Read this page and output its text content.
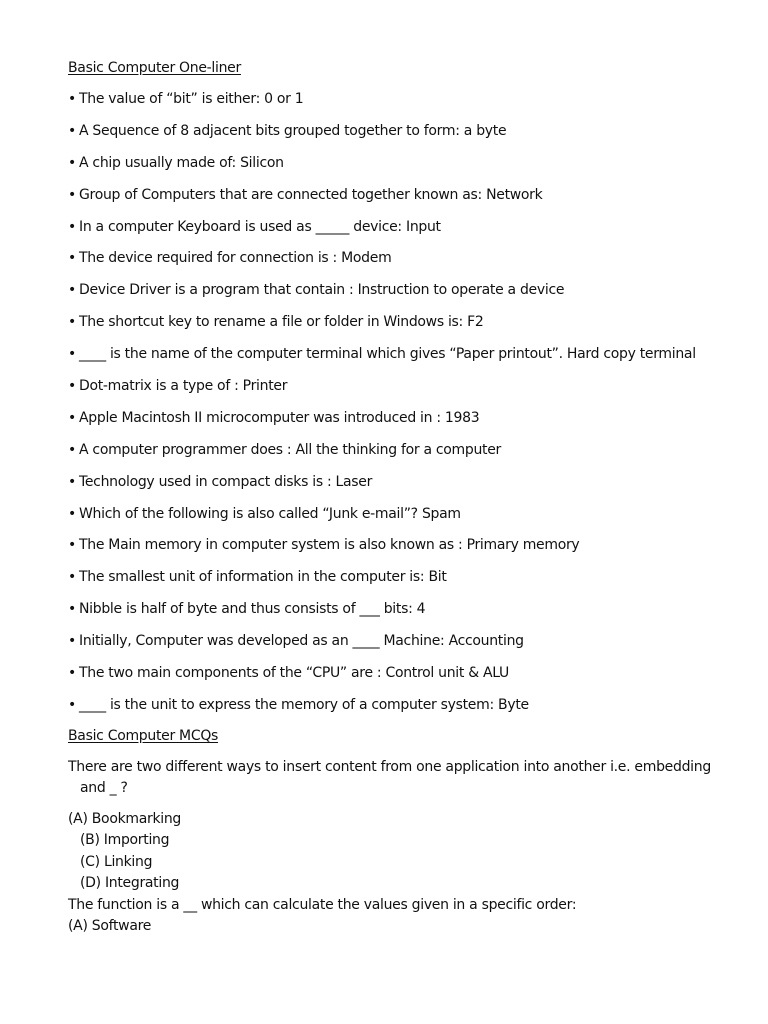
Basic Computer One-liner
• The value of “bit” is either: 0 or 1
• A Sequence of 8 adjacent bits grouped together to form: a byte
• A chip usually made of: Silicon
• Group of Computers that are connected together known as: Network
• In a computer Keyboard is used as _____ device: Input
• The device required for connection is : Modem
• Device Driver is a program that contain : Instruction to operate a device
• The shortcut key to rename a file or folder in Windows is: F2
• ____ is the name of the computer terminal which gives “Paper printout”. Hard copy terminal
• Dot-matrix is a type of : Printer
• Apple Macintosh II microcomputer was introduced in : 1983
• A computer programmer does : All the thinking for a computer
• Technology used in compact disks is : Laser
• Which of the following is also called “Junk e-mail”? Spam
• The Main memory in computer system is also known as : Primary memory
• The smallest unit of information in the computer is: Bit
• Nibble is half of byte and thus consists of ___ bits: 4
• Initially, Computer was developed as an ____ Machine: Accounting
• The two main components of the “CPU” are : Control unit & ALU
• ____ is the unit to express the memory of a computer system: Byte
Basic Computer MCQs
There are two different ways to insert content from one application into another i.e. embedding and _ ?
(A) Bookmarking
(B) Importing
(C) Linking
(D) Integrating
The function is a __ which can calculate the values given in a specific order:
(A) Software
